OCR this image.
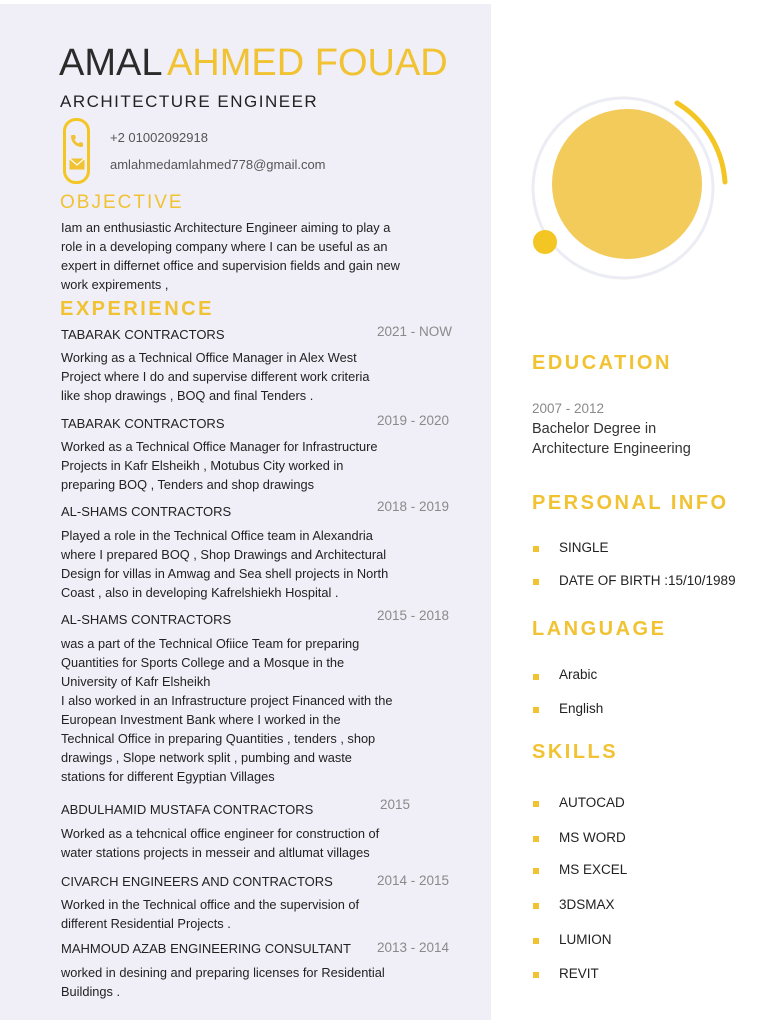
AMAL AHMED FOUAD
ARCHITECTURE ENGINEER
+2 01002092918
amlahmedamlahmed778@gmail.com
OBJECTIVE
Iam an enthusiastic Architecture Engineer aiming to play a
role in a developing company where I can be useful as an
expert in differnet office and supervision fields and gain new
work expirements ,
EXPERIENCE
TABARAK CONTRACTORS	2021 - NOW
Working as a Technical Office Manager in Alex West
Project where I do and supervise different work criteria
like shop drawings , BOQ and final Tenders .
TABARAK CONTRACTORS	2019 - 2020
Worked as a Technical Office Manager for Infrastructure
Projects in Kafr Elsheikh , Motubus City worked in
preparing BOQ , Tenders and shop drawings
AL-SHAMS CONTRACTORS	2018 - 2019
Played a role in the Technical Office team in Alexandria
where I prepared BOQ , Shop Drawings and Architectural
Design for villas in Amwag and Sea shell projects in North
Coast , also in developing Kafrelshiekh Hospital .
AL-SHAMS CONTRACTORS	2015 - 2018
was a part of the Technical Ofiice Team for preparing
Quantities for Sports College and a Mosque in the
University of Kafr Elsheikh
I also worked in an Infrastructure project Financed with the
European Investment Bank where I worked in the
Technical Office in preparing Quantities , tenders , shop
drawings , Slope network split , pumbing and waste
stations for different Egyptian Villages
ABDULHAMID MUSTAFA CONTRACTORS	2015
Worked as a tehcnical office engineer for construction of
water stations projects in messeir and altlumat villages
CIVARCH ENGINEERS AND CONTRACTORS	2014 - 2015
Worked in the Technical office and the supervision of
different Residential Projects .
MAHMOUD AZAB ENGINEERING CONSULTANT 2013 - 2014
worked in desining and preparing licenses for Residential
Buildings .
EDUCATION
2007 - 2012
Bachelor Degree in
Architecture Engineering
PERSONAL INFO
SINGLE
DATE OF BIRTH :15/10/1989
LANGUAGE
Arabic
English
SKILLS
AUTOCAD
MS WORD
MS EXCEL
3DSMAX
LUMION
REVIT
